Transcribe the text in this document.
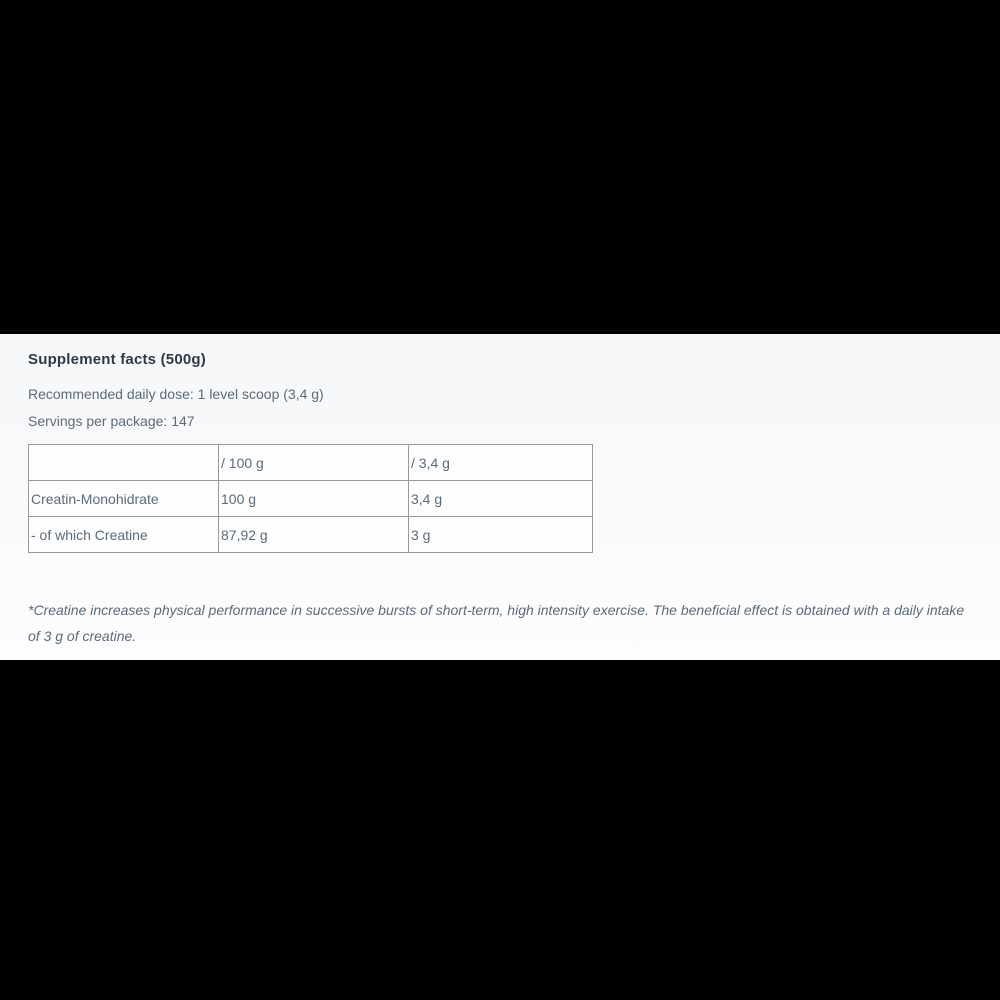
Supplement facts (500g)
Recommended daily dose: 1 level scoop (3,4 g)
Servings per package: 147
	/ 100 g	/ 3,4 g
Creatin-Monohidrate	100 g	3,4 g
- of which Creatine	87,92 g	3 g
*Creatine increases physical performance in successive bursts of short-term, high intensity exercise. The beneficial effect is obtained with a daily intake of 3 g of creatine.
